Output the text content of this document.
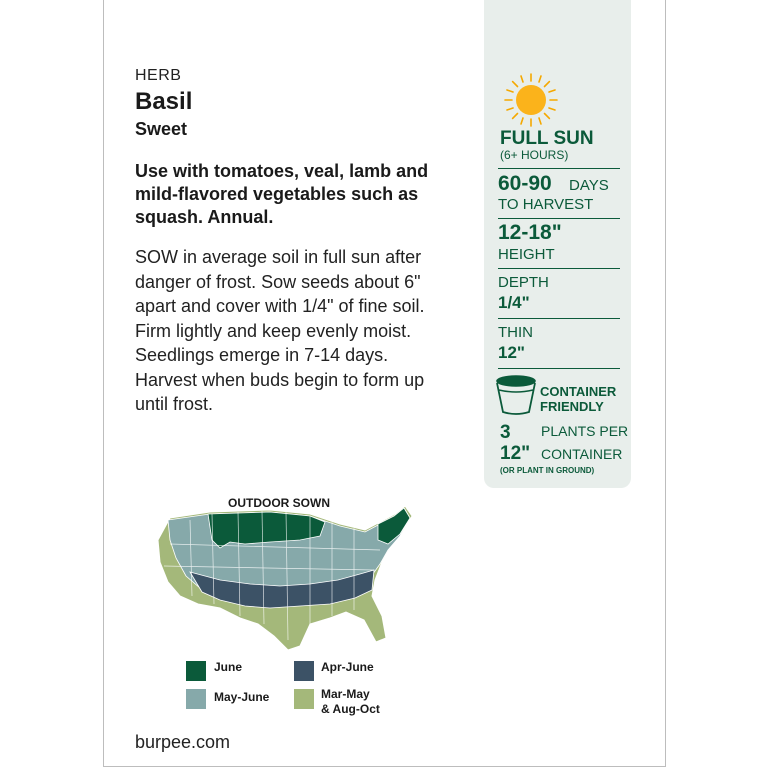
HERB
Basil
Sweet
Use with tomatoes, veal, lamb and mild-flavored vegetables such as squash. Annual.
SOW in average soil in full sun after danger of frost. Sow seeds about 6" apart and cover with 1/4" of fine soil. Firm lightly and keep evenly moist. Seedlings emerge in 7-14 days. Harvest when buds begin to form up until frost.
FULL SUN
(6+ HOURS)
60-90 DAYS
TO HARVEST
12-18"
HEIGHT
DEPTH
1/4"
THIN
12"
CONTAINER
FRIENDLY
3 PLANTS PER
12" CONTAINER
(OR PLANT IN GROUND)
OUTDOOR SOWN
June	Apr-June
May-June	Mar-May
& Aug-Oct
burpee.com
